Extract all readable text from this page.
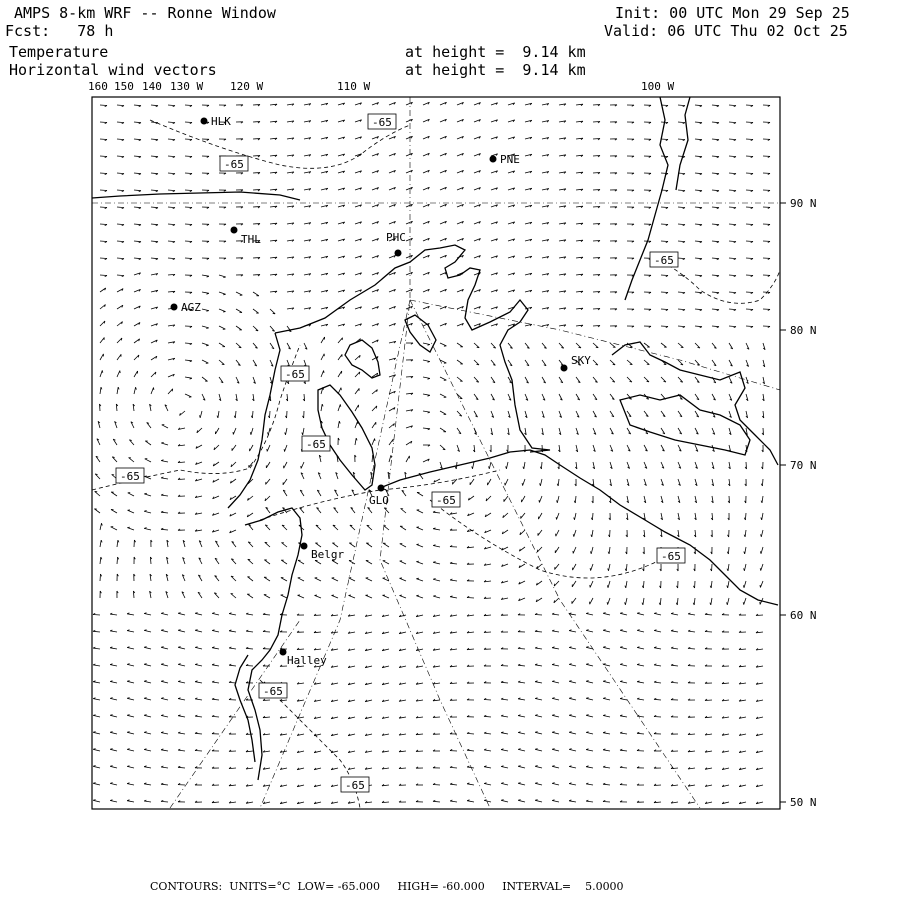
AMPS 8-km WRF -- Ronne Window
Fcst:   78 h
Init: 00 UTC Mon 29 Sep 25
Valid: 06 UTC Thu 02 Oct 25
Temperature
Horizontal wind vectors
at height =  9.14 km
at height =  9.14 km
90 N
80 N
70 N
60 N
50 N
160 150 140 130 W 120 W	110 W	100 W
-65
-65
-65
-65
-65
-65
-65
-65
-65
-65
HLK
PNE
THL	PHC
AGZ
SKY
GLO
Belgr
Halley
CONTOURS:  UNITS=°C  LOW= -65.000     HIGH= -60.000     INTERVAL=    5.0000
